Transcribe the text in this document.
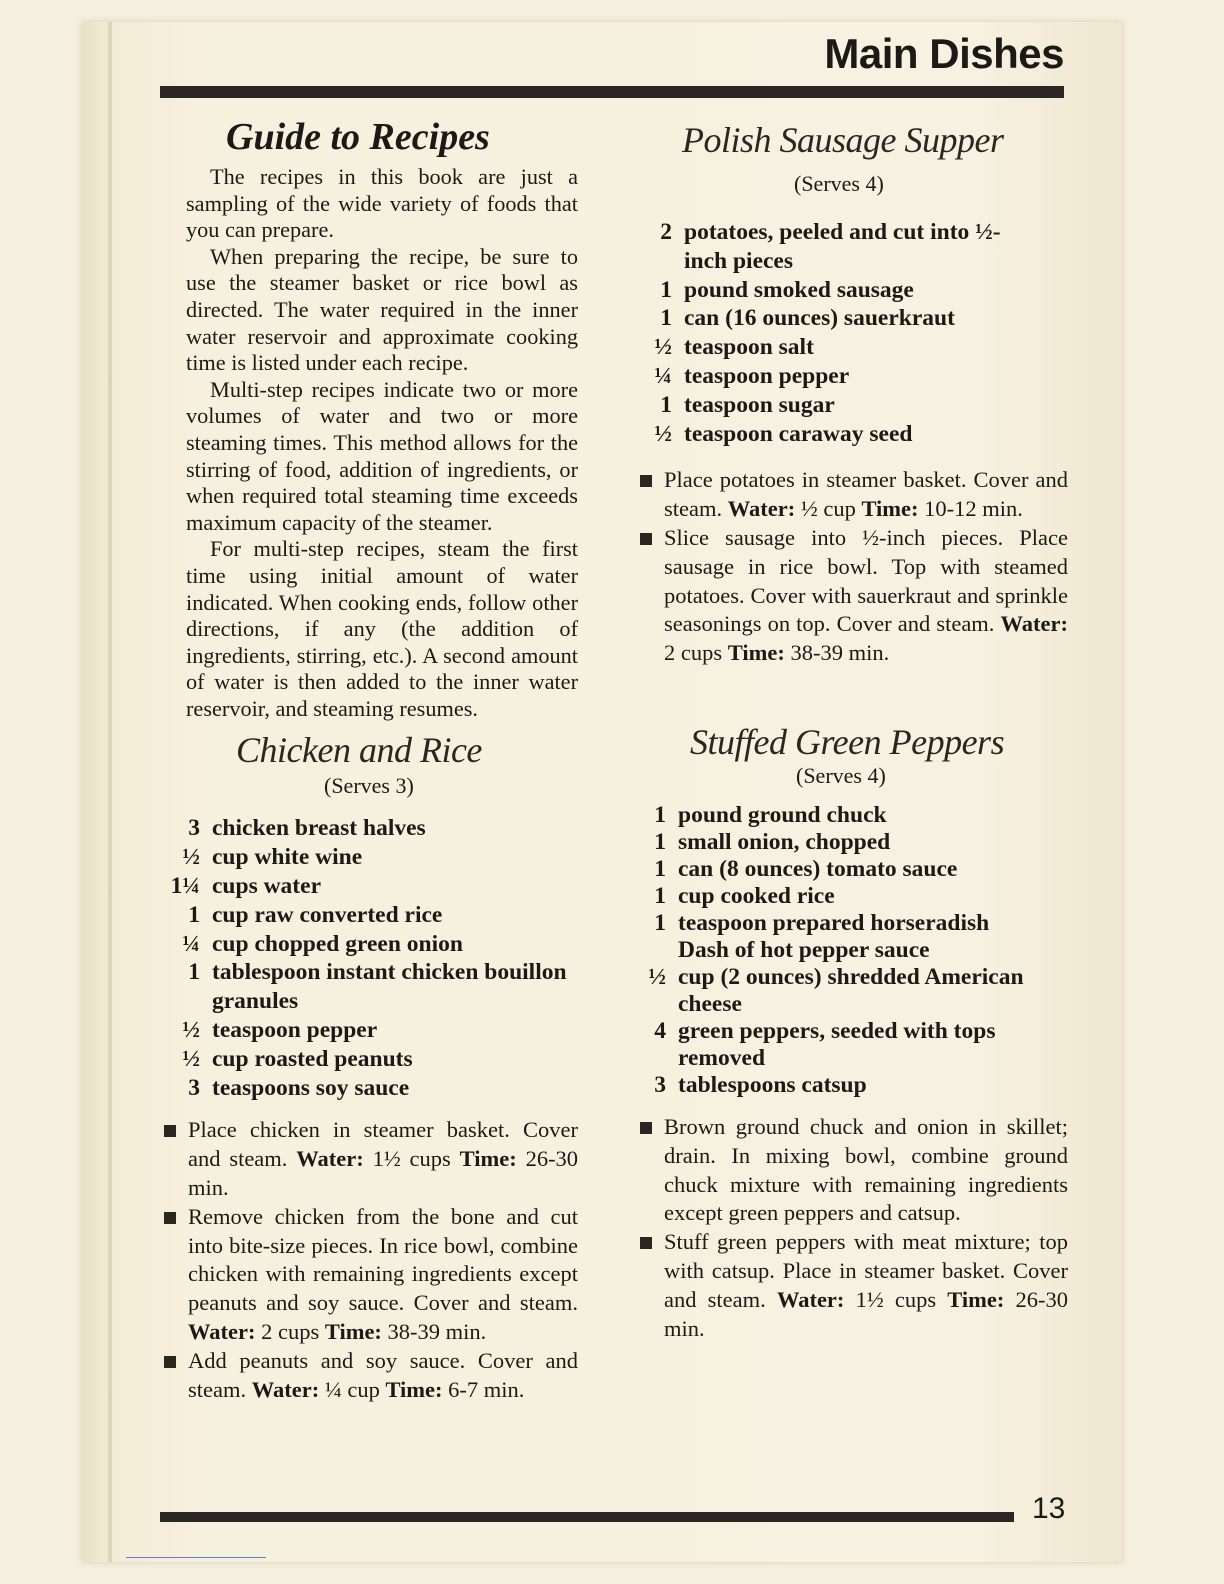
Main Dishes
Guide to Recipes

The recipes in this book are just a sampling of the wide variety of foods that you can prepare.

When preparing the recipe, be sure to use the steamer basket or rice bowl as directed. The water required in the inner water reservoir and approximate cooking time is listed under each recipe.

Multi-step recipes indicate two or more volumes of water and two or more steaming times. This method allows for the stirring of food, addition of ingredients, or when required total steaming time exceeds maximum capacity of the steamer.

For multi-step recipes, steam the first time using initial amount of water indicated. When cooking ends, follow other directions, if any (the addition of ingredients, stirring, etc.). A second amount of water is then added to the inner water reservoir, and steaming resumes.

Chicken and Rice
(Serves 3)
3 chicken breast halves
½ cup white wine
1¼ cups water
1 cup raw converted rice
¼ cup chopped green onion
1 tablespoon instant chicken bouillon granules
½ teaspoon pepper
½ cup roasted peanuts
3 teaspoons soy sauce
Place chicken in steamer basket. Cover and steam. Water: 1½ cups Time: 26-30 min.
Remove chicken from the bone and cut into bite-size pieces. In rice bowl, combine chicken with remaining ingredients except peanuts and soy sauce. Cover and steam. Water: 2 cups Time: 38-39 min.
Add peanuts and soy sauce. Cover and steam. Water: ¼ cup Time: 6-7 min.
Polish Sausage Supper
(Serves 4)
2 potatoes, peeled and cut into ½-inch pieces
1 pound smoked sausage
1 can (16 ounces) sauerkraut
½ teaspoon salt
¼ teaspoon pepper
1 teaspoon sugar
½ teaspoon caraway seed
Place potatoes in steamer basket. Cover and steam. Water: ½ cup Time: 10-12 min.
Slice sausage into ½-inch pieces. Place sausage in rice bowl. Top with steamed potatoes. Cover with sauerkraut and sprinkle seasonings on top. Cover and steam. Water: 2 cups Time: 38-39 min.
Stuffed Green Peppers
(Serves 4)
1 pound ground chuck
1 small onion, chopped
1 can (8 ounces) tomato sauce
1 cup cooked rice
1 teaspoon prepared horseradish
Dash of hot pepper sauce
½ cup (2 ounces) shredded American cheese
4 green peppers, seeded with tops removed
3 tablespoons catsup
Brown ground chuck and onion in skillet; drain. In mixing bowl, combine ground chuck mixture with remaining ingredients except green peppers and catsup.
Stuff green peppers with meat mixture; top with catsup. Place in steamer basket. Cover and steam. Water: 1½ cups Time: 26-30 min.
13
